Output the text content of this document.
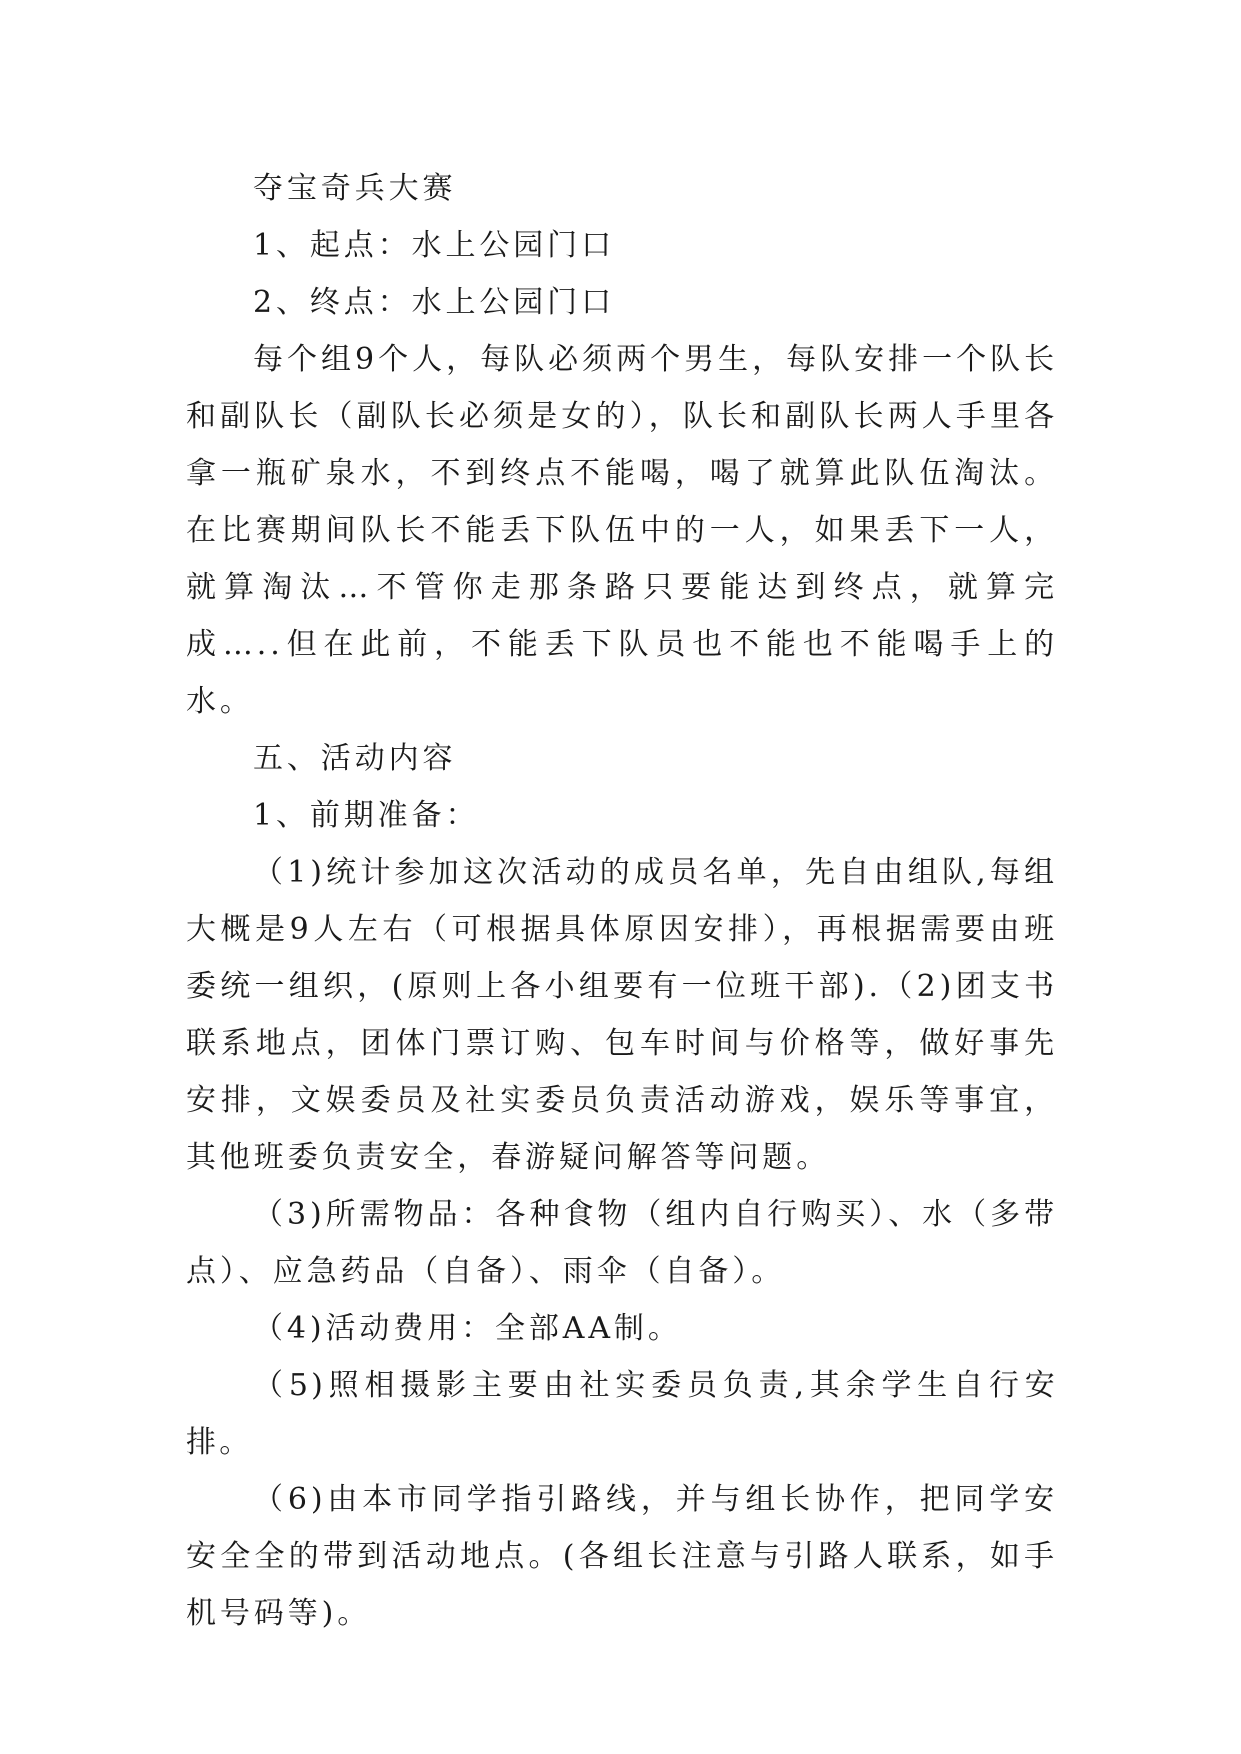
夺宝奇兵大赛

1、起点：水上公园门口

2、终点：水上公园门口

每个组9个人，每队必须两个男生，每队安排一个队长和副队长（副队长必须是女的），队长和副队长两人手里各拿一瓶矿泉水，不到终点不能喝，喝了就算此队伍淘汰。在比赛期间队长不能丢下队伍中的一人，如果丢下一人，就算淘汰…不管你走那条路只要能达到终点，就算完成…..但在此前，不能丢下队员也不能也不能喝手上的水。

五、活动内容

1、前期准备：

（1)统计参加这次活动的成员名单，先自由组队,每组大概是9人左右（可根据具体原因安排），再根据需要由班委统一组织，(原则上各小组要有一位班干部).（2)团支书联系地点，团体门票订购、包车时间与价格等，做好事先安排，文娱委员及社实委员负责活动游戏，娱乐等事宜，其他班委负责安全，春游疑问解答等问题。

（3)所需物品：各种食物（组内自行购买）、水（多带点）、应急药品（自备）、雨伞（自备）。

（4)活动费用：全部AA制。

（5)照相摄影主要由社实委员负责,其余学生自行安排。

（6)由本市同学指引路线，并与组长协作，把同学安安全全的带到活动地点。(各组长注意与引路人联系，如手机号码等)。
